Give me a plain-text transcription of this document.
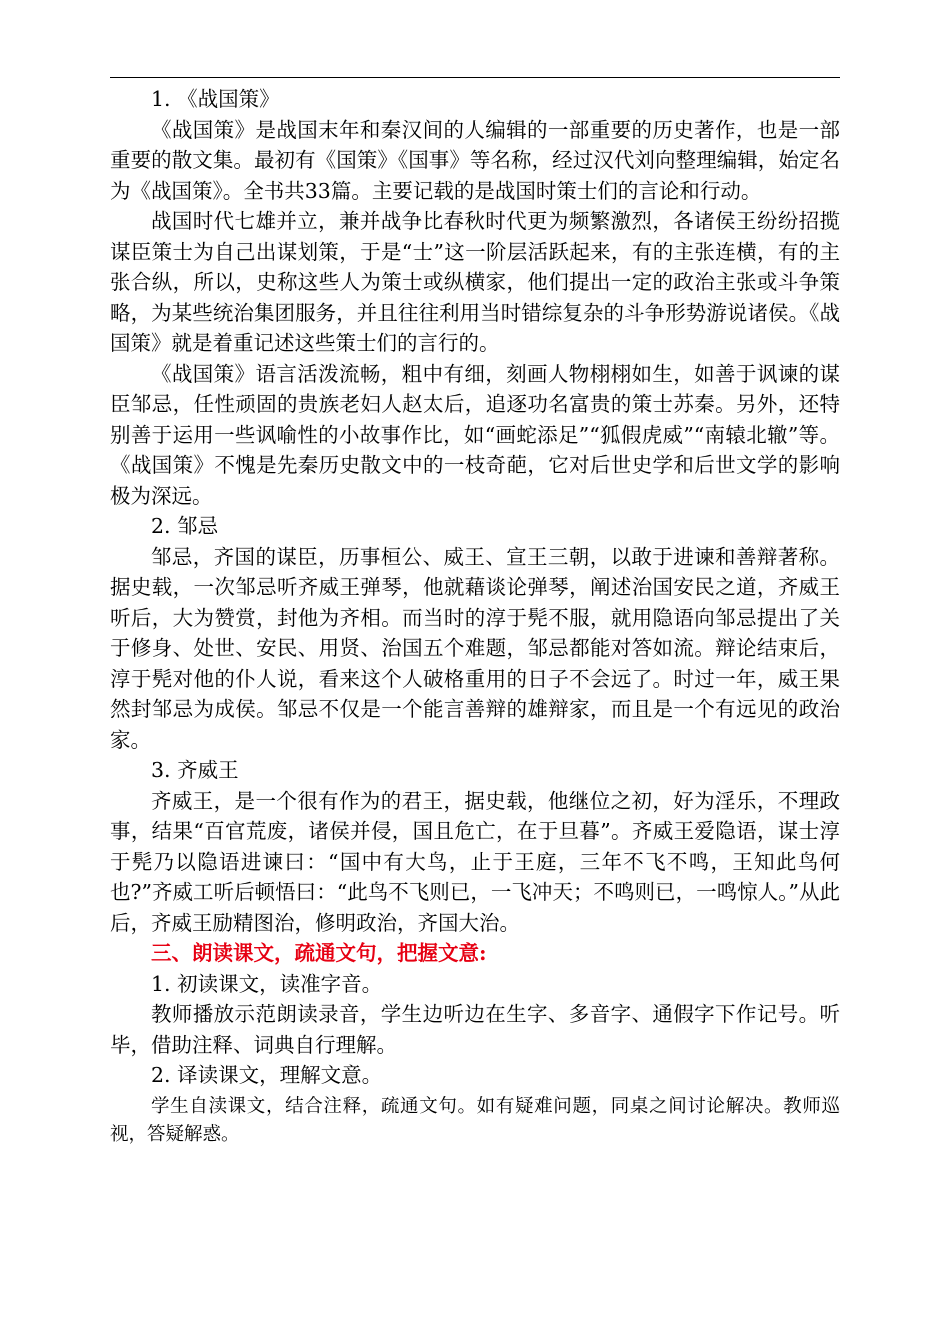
1. 《战国策》

《战国策》是战国末年和秦汉间的人编辑的一部重要的历史著作，也是一部重要的散文集。最初有《国策》《国事》等名称，经过汉代刘向整理编辑，始定名为《战国策》。全书共33篇。主要记载的是战国时策士们的言论和行动。

战国时代七雄并立，兼并战争比春秋时代更为频繁激烈，各诸侯王纷纷招揽谋臣策士为自己出谋划策，于是“士”这一阶层活跃起来，有的主张连横，有的主张合纵，所以，史称这些人为策士或纵横家，他们提出一定的政治主张或斗争策略，为某些统治集团服务，并且往往利用当时错综复杂的斗争形势游说诸侯。《战国策》就是着重记述这些策士们的言行的。

《战国策》语言活泼流畅，粗中有细，刻画人物栩栩如生，如善于讽谏的谋臣邹忌，任性顽固的贵族老妇人赵太后，追逐功名富贵的策士苏秦。另外，还特别善于运用一些讽喻性的小故事作比，如“画蛇添足”“狐假虎威”“南辕北辙”等。《战国策》不愧是先秦历史散文中的一枝奇葩，它对后世史学和后世文学的影响极为深远。

2. 邹忌

邹忌，齐国的谋臣，历事桓公、威王、宣王三朝，以敢于进谏和善辩著称。据史载，一次邹忌听齐威王弹琴，他就藉谈论弹琴，阐述治国安民之道，齐威王听后，大为赞赏，封他为齐相。而当时的淳于髡不服，就用隐语向邹忌提出了关于修身、处世、安民、用贤、治国五个难题，邹忌都能对答如流。辩论结束后，淳于髡对他的仆人说，看来这个人破格重用的日子不会远了。时过一年，威王果然封邹忌为成侯。邹忌不仅是一个能言善辩的雄辩家，而且是一个有远见的政治家。

3. 齐威王

齐威王，是一个很有作为的君王，据史载，他继位之初，好为淫乐，不理政事，结果“百官荒废，诸侯并侵，国且危亡，在于旦暮”。齐威王爱隐语，谋士淳于髡乃以隐语进谏曰：“国中有大鸟，止于王庭，三年不飞不鸣，王知此鸟何也?”齐威工听后顿悟曰：“此鸟不飞则已，一飞冲天；不鸣则已，一鸣惊人。”从此后，齐威王励精图治，修明政治，齐国大治。

三、朗读课文，疏通文句，把握文意:

1. 初读课文，读准字音。

教师播放示范朗读录音，学生边听边在生字、多音字、通假字下作记号。听毕，借助注释、词典自行理解。

2. 译读课文，理解文意。

学生自渎课文，结合注释，疏通文句。如有疑难问题，同桌之间讨论解决。教师巡视，答疑解惑。
